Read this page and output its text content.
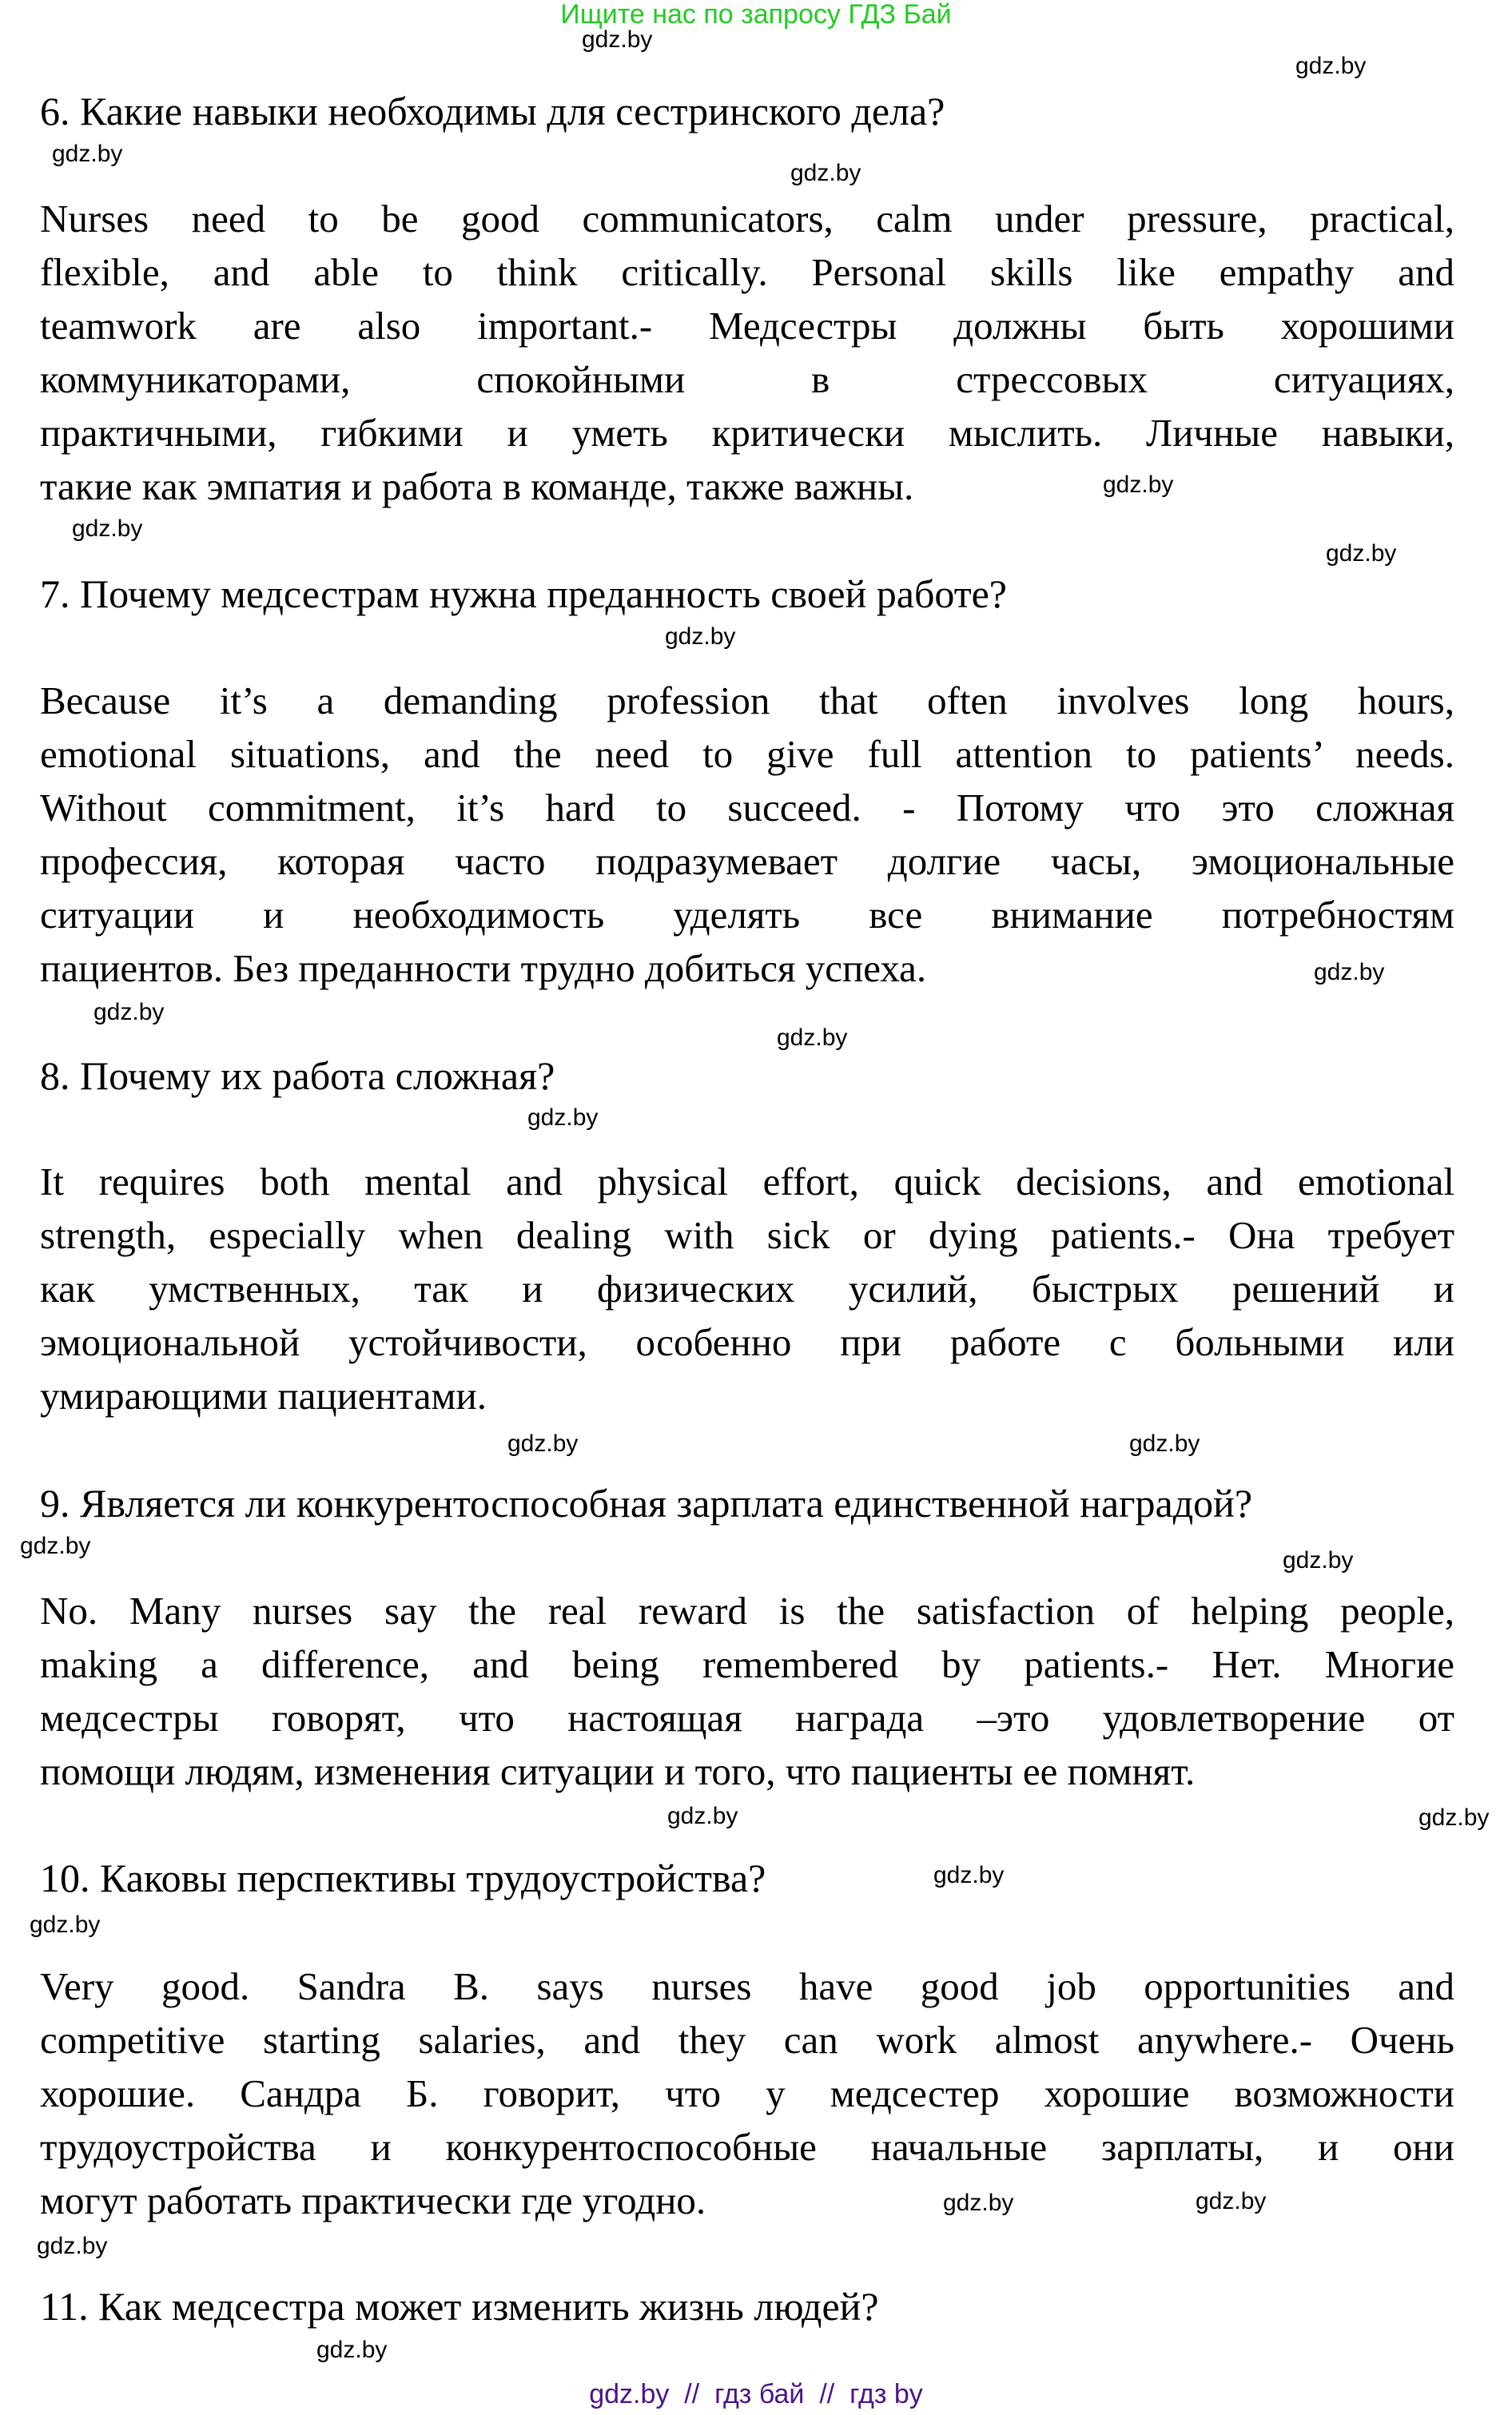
Ищите нас по запросу ГДЗ Бай
6. Какие навыки необходимы для сестринского дела?
Nurses need to be good communicators, calm under pressure, practical,
flexible, and able to think critically. Personal skills like empathy and
teamwork are also important.- Медсестры должны быть хорошими
коммуникаторами, спокойными в стрессовых ситуациях,
практичными, гибкими и уметь критически мыслить. Личные навыки,
такие как эмпатия и работа в команде, также важны.
7. Почему медсестрам нужна преданность своей работе?
Because it’s a demanding profession that often involves long hours,
emotional situations, and the need to give full attention to patients’ needs.
Without commitment, it’s hard to succeed. - Потому что это сложная
профессия, которая часто подразумевает долгие часы, эмоциональные
ситуации и необходимость уделять все внимание потребностям
пациентов. Без преданности трудно добиться успеха.
8. Почему их работа сложная?
It requires both mental and physical effort, quick decisions, and emotional
strength, especially when dealing with sick or dying patients.- Она требует
как умственных, так и физических усилий, быстрых решений и
эмоциональной устойчивости, особенно при работе с больными или
умирающими пациентами.
9. Является ли конкурентоспособная зарплата единственной наградой?
No. Many nurses say the real reward is the satisfaction of helping people,
making a difference, and being remembered by patients.- Нет. Многие
медсестры говорят, что настоящая награда –это удовлетворение от
помощи людям, изменения ситуации и того, что пациенты ее помнят.
10. Каковы перспективы трудоустройства?
Very good. Sandra B. says nurses have good job opportunities and
competitive starting salaries, and they can work almost anywhere.- Очень
хорошие. Сандра Б. говорит, что у медсестер хорошие возможности
трудоустройства и конкурентоспособные начальные зарплаты, и они
могут работать практически где угодно.
11. Как медсестра может изменить жизнь людей?
gdz.by
gdz.by
gdz.by
gdz.by
gdz.by
gdz.by
gdz.by
gdz.by
gdz.by
gdz.by
gdz.by
gdz.by
gdz.by
gdz.by
gdz.by
gdz.by
gdz.by
gdz.by
gdz.by
gdz.by
gdz.by
gdz.by
gdz.by
gdz.by
gdz.by  //  гдз бай  //  гдз by
